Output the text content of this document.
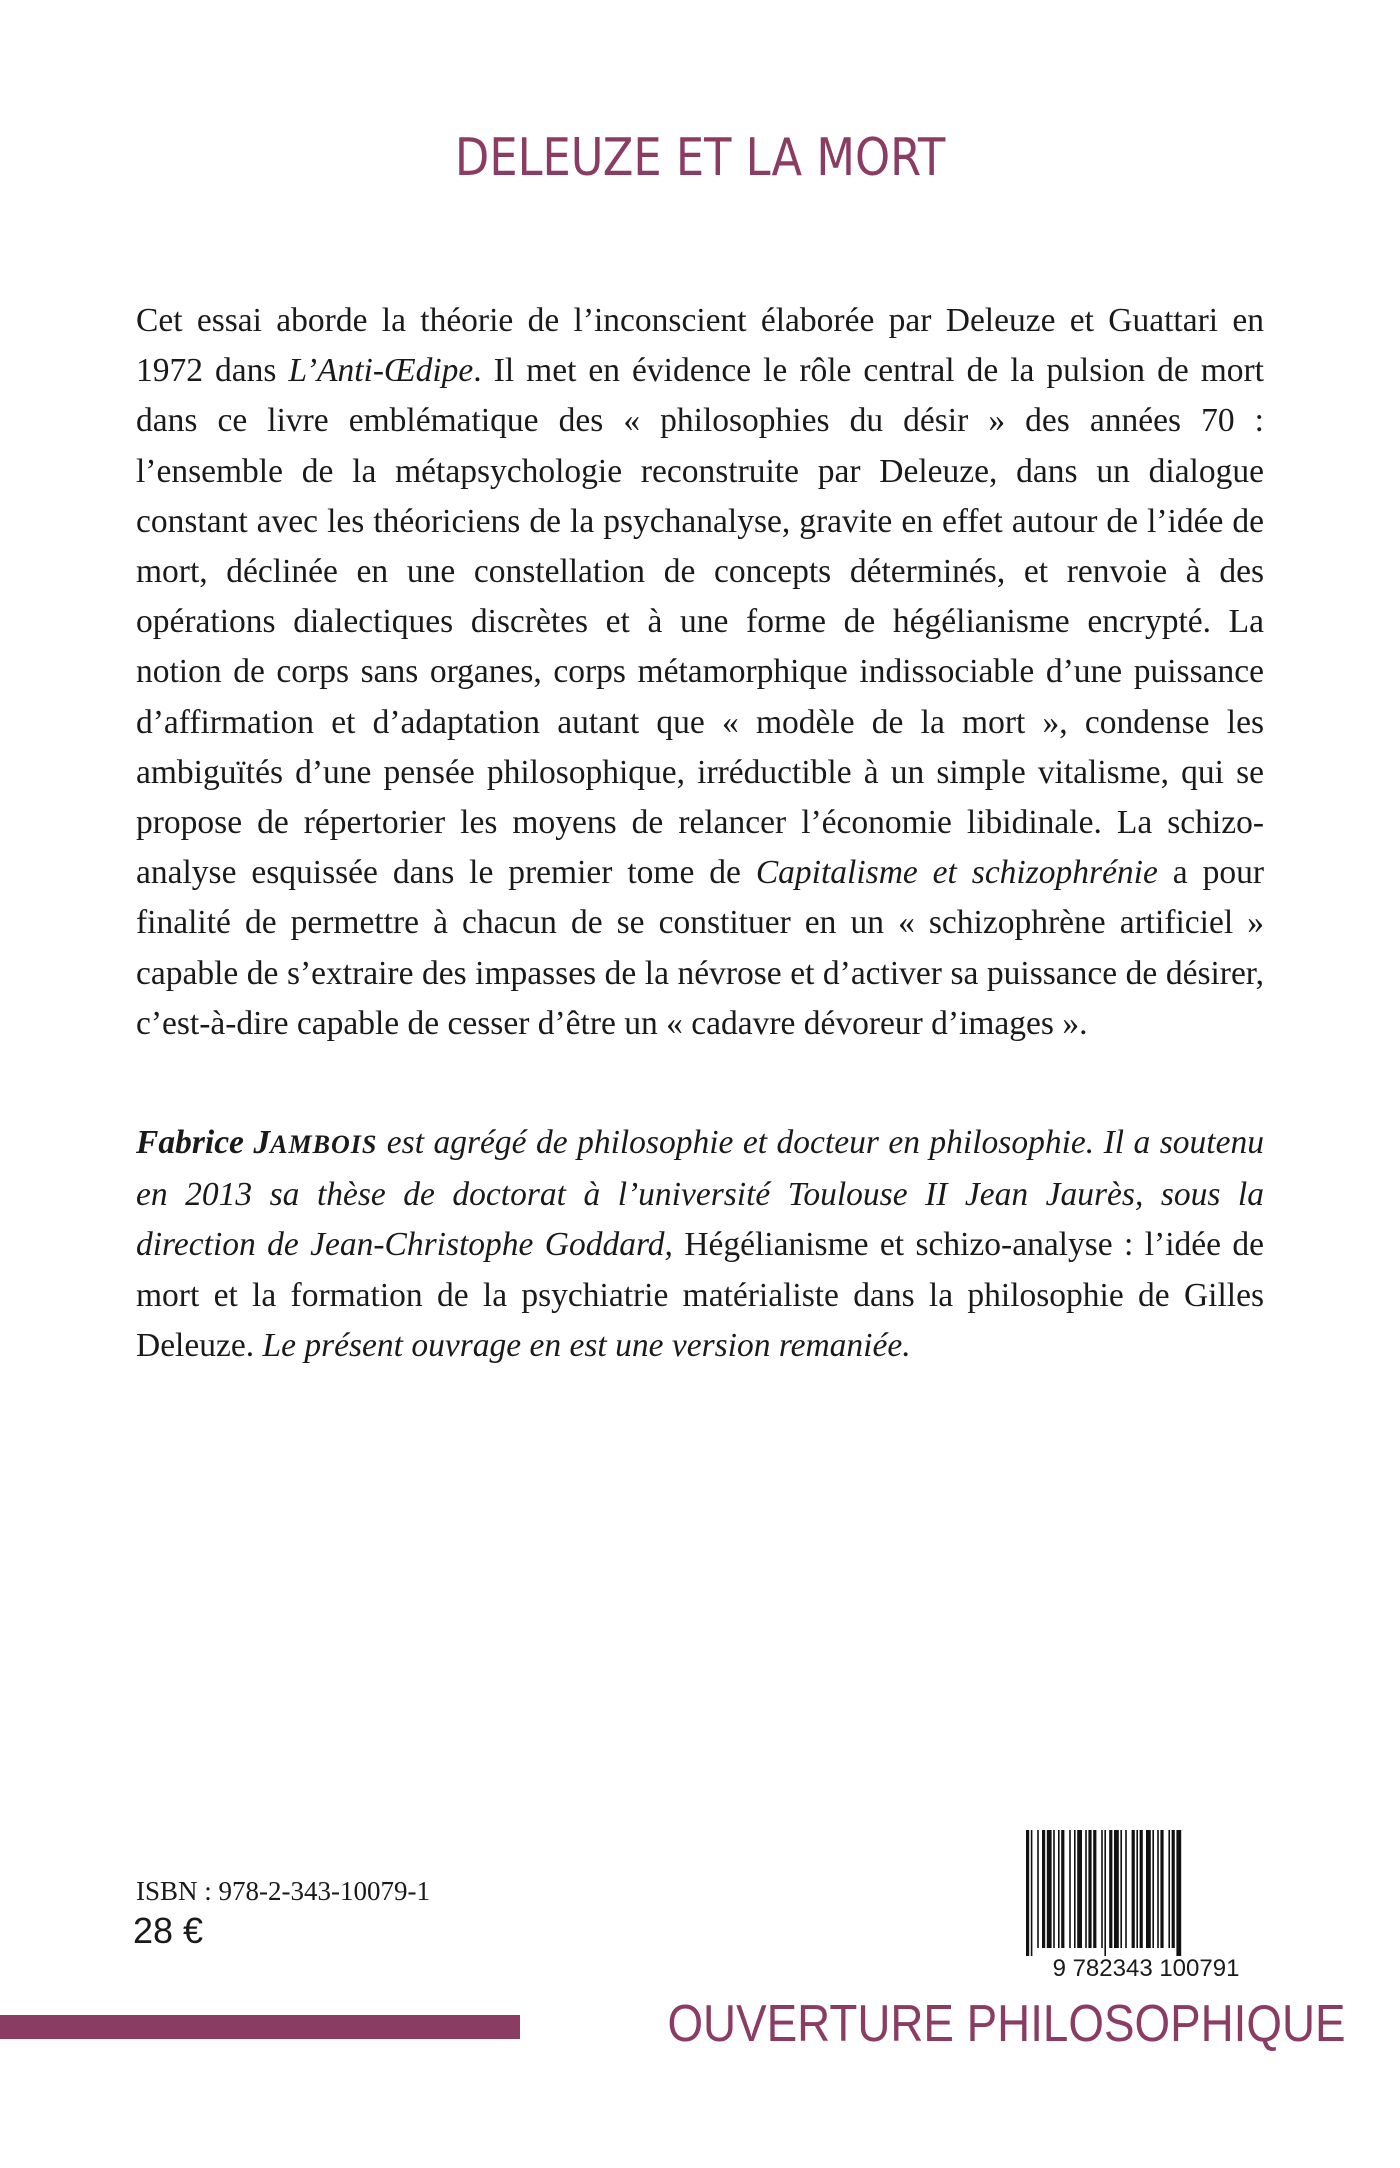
DELEUZE ET LA MORT

Cet essai aborde la théorie de l’inconscient élaborée par Deleuze et Guattari en 1972 dans L’Anti-Œdipe. Il met en évidence le rôle central de la pulsion de mort dans ce livre emblématique des « philosophies du désir » des années 70 : l’ensemble de la métapsychologie reconstruite par Deleuze, dans un dialogue constant avec les théoriciens de la psychanalyse, gravite en effet autour de l’idée de mort, déclinée en une constellation de concepts déterminés, et renvoie à des opérations dialectiques discrètes et à une forme de hégélianisme encrypté. La notion de corps sans organes, corps métamorphique indissociable d’une puissance d’affirmation et d’adaptation autant que « modèle de la mort », condense les ambiguïtés d’une pensée philosophique, irréductible à un simple vitalisme, qui se propose de répertorier les moyens de relancer l’économie libidinale. La schizo-analyse esquissée dans le premier tome de Capitalisme et schizophrénie a pour finalité de permettre à chacun de se constituer en un « schizophrène artificiel » capable de s’extraire des impasses de la névrose et d’activer sa puissance de désirer, c’est-à-dire capable de cesser d’être un « cadavre dévoreur d’images ».

Fabrice JAMBOIS est agrégé de philosophie et docteur en philosophie. Il a soutenu en 2013 sa thèse de doctorat à l’université Toulouse II Jean Jaurès, sous la direction de Jean-Christophe Goddard, Hégélianisme et schizo-analyse : l’idée de mort et la formation de la psychiatrie matérialiste dans la philosophie de Gilles Deleuze. Le présent ouvrage en est une version remaniée.

ISBN : 978-2-343-10079-1
28 €
9 782343 100791
OUVERTURE PHILOSOPHIQUE
